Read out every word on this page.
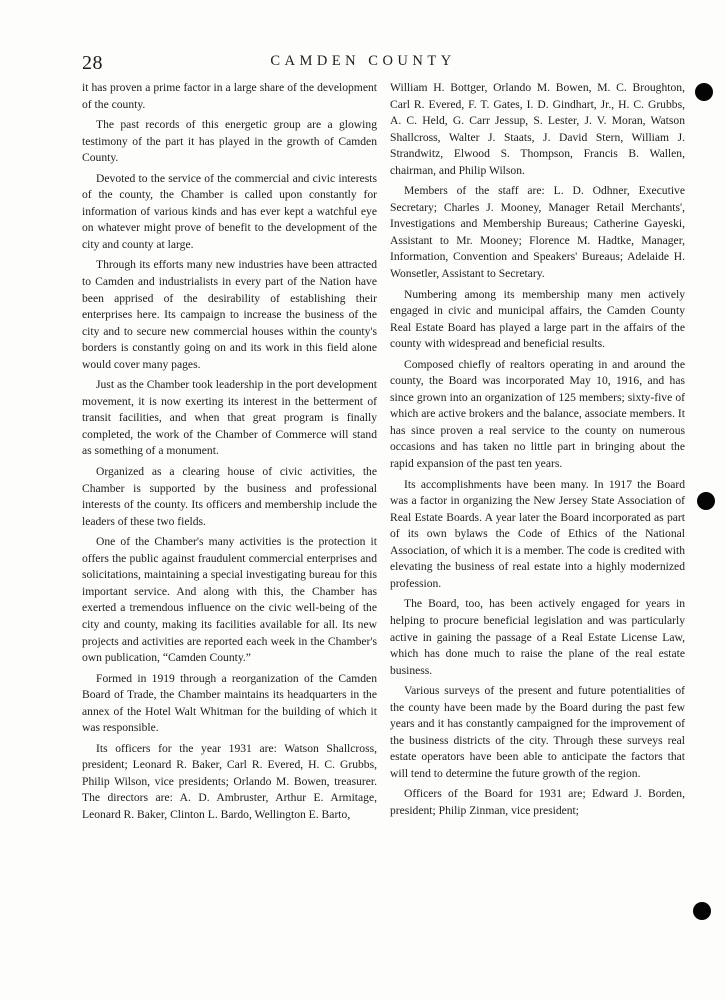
28	CAMDEN COUNTY

it has proven a prime factor in a large share of the development of the county.

The past records of this energetic group are a glowing testimony of the part it has played in the growth of Camden County.

Devoted to the service of the commercial and civic interests of the county, the Chamber is called upon constantly for information of various kinds and has ever kept a watchful eye on whatever might prove of benefit to the development of the city and county at large.

Through its efforts many new industries have been attracted to Camden and industrialists in every part of the Nation have been apprised of the desirability of establishing their enterprises here. Its campaign to increase the business of the city and to secure new commercial houses within the county's borders is constantly going on and its work in this field alone would cover many pages.

Just as the Chamber took leadership in the port development movement, it is now exerting its interest in the betterment of transit facilities, and when that great program is finally completed, the work of the Chamber of Commerce will stand as something of a monument.

Organized as a clearing house of civic activities, the Chamber is supported by the business and professional interests of the county. Its officers and membership include the leaders of these two fields.

One of the Chamber's many activities is the protection it offers the public against fraudulent commercial enterprises and solicitations, maintaining a special investigating bureau for this important service. And along with this, the Chamber has exerted a tremendous influence on the civic well-being of the city and county, making its facilities available for all. Its new projects and activities are reported each week in the Chamber's own publication, “Camden County.”

Formed in 1919 through a reorganization of the Camden Board of Trade, the Chamber maintains its headquarters in the annex of the Hotel Walt Whitman for the building of which it was responsible.

Its officers for the year 1931 are: Watson Shallcross, president; Leonard R. Baker, Carl R. Evered, H. C. Grubbs, Philip Wilson, vice presidents; Orlando M. Bowen, treasurer. The directors are: A. D. Ambruster, Arthur E. Armitage, Leonard R. Baker, Clinton L. Bardo, Wellington E. Barto,

William H. Bottger, Orlando M. Bowen, M. C. Broughton, Carl R. Evered, F. T. Gates, I. D. Gindhart, Jr., H. C. Grubbs, A. C. Held, G. Carr Jessup, S. Lester, J. V. Moran, Watson Shallcross, Walter J. Staats, J. David Stern, William J. Strandwitz, Elwood S. Thompson, Francis B. Wallen, chairman, and Philip Wilson.

Members of the staff are: L. D. Odhner, Executive Secretary; Charles J. Mooney, Manager Retail Merchants', Investigations and Membership Bureaus; Catherine Gayeski, Assistant to Mr. Mooney; Florence M. Hadtke, Manager, Information, Convention and Speakers' Bureaus; Adelaide H. Wonsetler, Assistant to Secretary.

Numbering among its membership many men actively engaged in civic and municipal affairs, the Camden County Real Estate Board has played a large part in the affairs of the county with widespread and beneficial results.

Composed chiefly of realtors operating in and around the county, the Board was incorporated May 10, 1916, and has since grown into an organization of 125 members; sixty-five of which are active brokers and the balance, associate members. It has since proven a real service to the county on numerous occasions and has taken no little part in bringing about the rapid expansion of the past ten years.

Its accomplishments have been many. In 1917 the Board was a factor in organizing the New Jersey State Association of Real Estate Boards. A year later the Board incorporated as part of its own bylaws the Code of Ethics of the National Association, of which it is a member. The code is credited with elevating the business of real estate into a highly modernized profession.

The Board, too, has been actively engaged for years in helping to procure beneficial legislation and was particularly active in gaining the passage of a Real Estate License Law, which has done much to raise the plane of the real estate business.

Various surveys of the present and future potentialities of the county have been made by the Board during the past few years and it has constantly campaigned for the improvement of the business districts of the city. Through these surveys real estate operators have been able to anticipate the factors that will tend to determine the future growth of the region.

Officers of the Board for 1931 are; Edward J. Borden, president; Philip Zinman, vice president;
